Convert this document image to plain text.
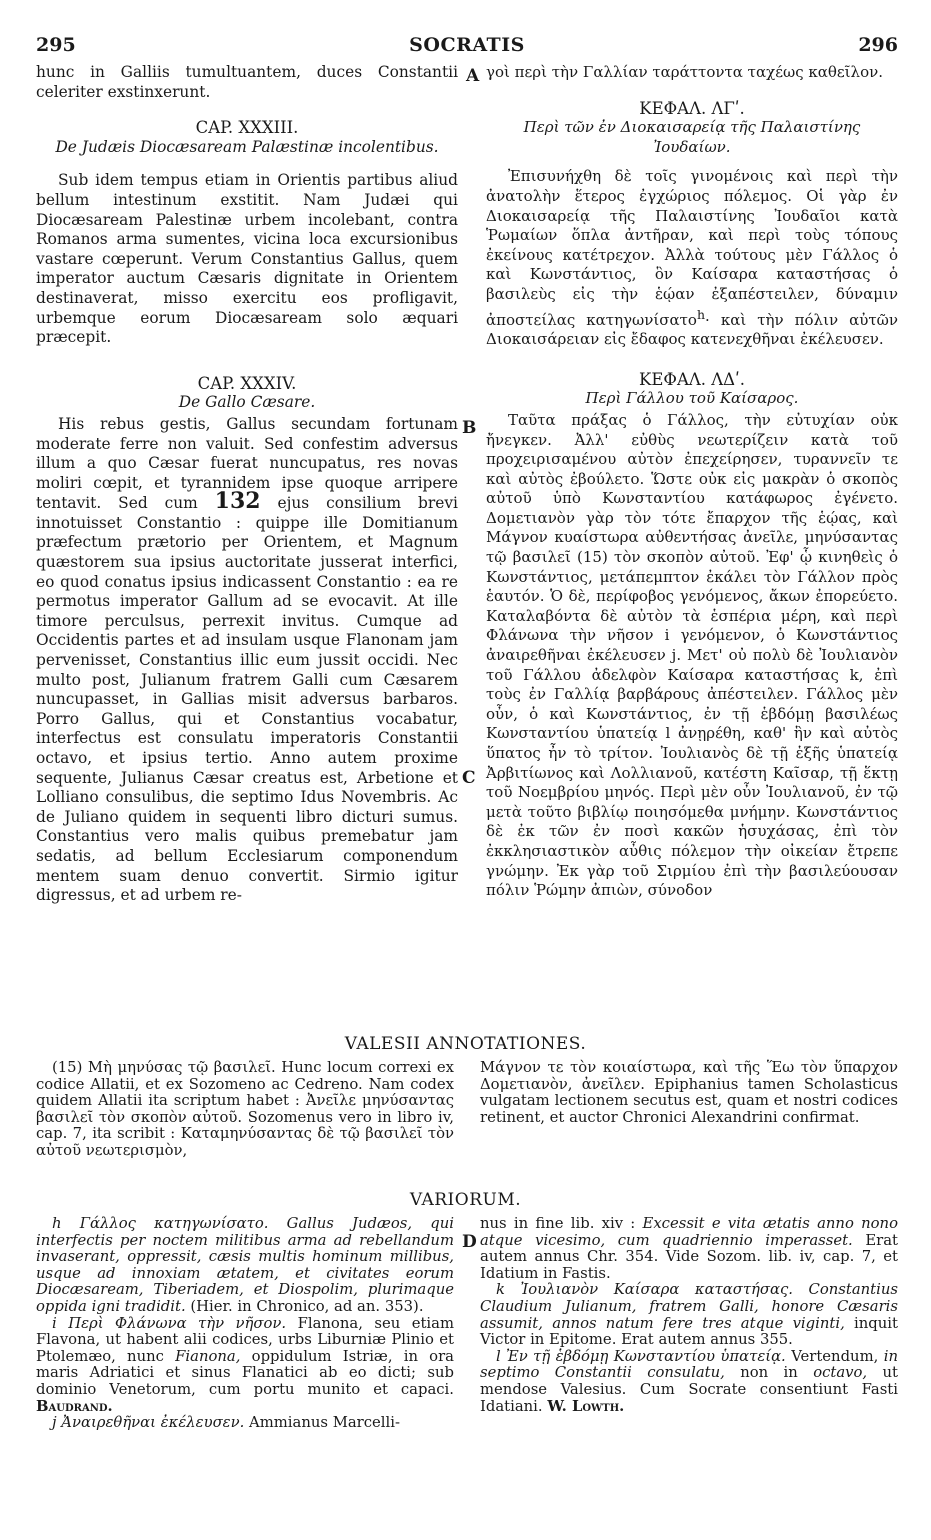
295	SOCRATIS	296
A
B
C
D

hunc in Galliis tumultuantem, duces Constantii celeriter exstinxerunt.

CAP. XXXIII.
De Judæis Diocæsaream Palæstinæ incolentibus.

Sub idem tempus etiam in Orientis partibus aliud bellum intestinum exstitit. Nam Judæi qui Diocæsaream Palestinæ urbem incolebant, contra Romanos arma sumentes, vicina loca excursionibus vastare cœperunt. Verum Constantius Gallus, quem imperator auctum Cæsaris dignitate in Orientem destinaverat, misso exercitu eos profligavit, urbemque eorum Diocæsaream solo æquari præcepit.

CAP. XXXIV.
De Gallo Cæsare.

His rebus gestis, Gallus secundam fortunam moderate ferre non valuit. Sed confestim adversus illum a quo Cæsar fuerat nuncupatus, res novas moliri cœpit, et tyrannidem ipse quoque arripere tentavit. Sed cum 132 ejus consilium brevi innotuisset Constantio : quippe ille Domitianum præfectum prætorio per Orientem, et Magnum quæstorem sua ipsius auctoritate jusserat interfici, eo quod conatus ipsius indicassent Constantio : ea re permotus imperator Gallum ad se evocavit. At ille timore perculsus, perrexit invitus. Cumque ad Occidentis partes et ad insulam usque Flanonam jam pervenisset, Constantius illic eum jussit occidi. Nec multo post, Julianum fratrem Galli cum Cæsarem nuncupasset, in Gallias misit adversus barbaros. Porro Gallus, qui et Constantius vocabatur, interfectus est consulatu imperatoris Constantii octavo, et ipsius tertio. Anno autem proxime sequente, Julianus Cæsar creatus est, Arbetione et Lolliano consulibus, die septimo Idus Novembris. Ac de Juliano quidem in sequenti libro dicturi sumus. Constantius vero malis quibus premebatur jam sedatis, ad bellum Ecclesiarum componendum mentem suam denuo convertit. Sirmio igitur digressus, et ad urbem re-

γοὶ περὶ τὴν Γαλλίαν ταράττοντα ταχέως καθεῖλον.

ΚΕΦΑΛ. ΛΓʹ.
Περὶ τῶν ἐν Διοκαισαρείᾳ τῆς Παλαιστίνης Ἰουδαίων.

Ἐπισυνήχθη δὲ τοῖς γινομένοις καὶ περὶ τὴν ἀνατολὴν ἕτερος ἐγχώριος πόλεμος. Οἱ γὰρ ἐν Διοκαισαρείᾳ τῆς Παλαιστίνης Ἰουδαῖοι κατὰ Ῥωμαίων ὅπλα ἀντῆραν, καὶ περὶ τοὺς τόπους ἐκείνους κατέτρεχον. Ἀλλὰ τούτους μὲν Γάλλος ὁ καὶ Κωνστάντιος, ὃν Καίσαρα καταστήσας ὁ βασιλεὺς εἰς τὴν ἑῴαν ἐξαπέστειλεν, δύναμιν ἀποστείλας κατηγωνίσατο$^h$· καὶ τὴν πόλιν αὐτῶν Διοκαισάρειαν εἰς ἔδαφος κατενεχθῆναι ἐκέλευσεν.

ΚΕΦΑΛ. ΛΔʹ.
Περὶ Γάλλου τοῦ Καίσαρος.

Ταῦτα πράξας ὁ Γάλλος, τὴν εὐτυχίαν οὐκ ἤνεγκεν. Ἀλλ' εὐθὺς νεωτερίζειν κατὰ τοῦ προχειρισαμένου αὐτὸν ἐπεχείρησεν, τυραννεῖν τε καὶ αὐτὸς ἐβούλετο. Ὥστε οὐκ εἰς μακρὰν ὁ σκοπὸς αὐτοῦ ὑπὸ Κωνσταντίου κατάφωρος ἐγένετο. Δομετιανὸν γὰρ τὸν τότε ἔπαρχον τῆς ἑῴας, καὶ Μάγνον κυαίστωρα αὐθεντήσας ἀνεῖλε, μηνύσαντας τῷ βασιλεῖ (15) τὸν σκοπὸν αὐτοῦ. Ἐφ' ᾧ κινηθεὶς ὁ Κωνστάντιος, μετάπεμπτον ἐκάλει τὸν Γάλλον πρὸς ἑαυτόν. Ὁ δὲ, περίφοβος γενόμενος, ἄκων ἐπορεύετο. Καταλαβόντα δὲ αὐτὸν τὰ ἑσπέρια μέρη, καὶ περὶ Φλάνωνα τὴν νῆσον i γενόμενον, ὁ Κωνστάντιος ἀναιρεθῆναι ἐκέλευσεν j. Μετ' οὐ πολὺ δὲ Ἰουλιανὸν τοῦ Γάλλου ἀδελφὸν Καίσαρα καταστήσας k, ἐπὶ τοὺς ἐν Γαλλίᾳ βαρβάρους ἀπέστειλεν. Γάλλος μὲν οὖν, ὁ καὶ Κωνστάντιος, ἐν τῇ ἑβδόμῃ βασιλέως Κωνσταντίου ὑπατείᾳ l ἀνῃρέθη, καθ' ἣν καὶ αὐτὸς ὕπατος ἦν τὸ τρίτον. Ἰουλιανὸς δὲ τῇ ἑξῆς ὑπατείᾳ Ἀρβιτίωνος καὶ Λολλιανοῦ, κατέστη Καῖσαρ, τῇ ἕκτῃ τοῦ Νοεμβρίου μηνός. Περὶ μὲν οὖν Ἰουλιανοῦ, ἐν τῷ μετὰ τοῦτο βιβλίῳ ποιησόμεθα μνήμην. Κωνστάντιος δὲ ἐκ τῶν ἐν ποσὶ κακῶν ἡσυχάσας, ἐπὶ τὸν ἐκκλησιαστικὸν αὖθις πόλεμον τὴν οἰκείαν ἔτρεπε γνώμην. Ἐκ γὰρ τοῦ Σιρμίου ἐπὶ τὴν βασιλεύουσαν πόλιν Ῥώμην ἀπιὼν, σύνοδον

VALESII ANNOTATIONES.

(15) Μὴ μηνύσας τῷ βασιλεῖ. Hunc locum correxi ex codice Allatii, et ex Sozomeno ac Cedreno. Nam codex quidem Allatii ita scriptum habet : Ἀνεῖλε μηνύσαντας βασιλεῖ τὸν σκοπὸν αὐτοῦ. Sozomenus vero in libro iv, cap. 7, ita scribit : Καταμηνύσαντας δὲ τῷ βασιλεῖ τὸν αὐτοῦ νεωτερισμὸν,

Μάγνον τε τὸν κοιαίστωρα, καὶ τῆς Ἕω τὸν ὕπαρχον Δομετιανὸν, ἀνεῖλεν. Epiphanius tamen Scholasticus vulgatam lectionem secutus est, quam et nostri codices retinent, et auctor Chronici Alexandrini confirmat.

VARIORUM.

h Γάλλος κατηγωνίσατο. Gallus Judæos, qui interfectis per noctem militibus arma ad rebellandum invaserant, oppressit, cæsis multis hominum millibus, usque ad innoxiam ætatem, et civitates eorum Diocæsaream, Tiberiadem, et Diospolim, plurimaque oppida igni tradidit. (Hier. in Chronico, ad an. 353).

i Περὶ Φλάνωνα τὴν νῆσον. Flanona, seu etiam Flavona, ut habent alii codices, urbs Liburniæ Plinio et Ptolemæo, nunc Fianona, oppidulum Istriæ, in ora maris Adriatici et sinus Flanatici ab eo dicti; sub dominio Venetorum, cum portu munito et capaci. Baudrand.

j Ἀναιρεθῆναι ἐκέλευσεν. Ammianus Marcelli-

nus in fine lib. xiv : Excessit e vita ætatis anno nono atque vicesimo, cum quadriennio imperasset. Erat autem annus Chr. 354. Vide Sozom. lib. iv, cap. 7, et Idatium in Fastis.

k Ἰουλιανὸν Καίσαρα καταστήσας. Constantius Claudium Julianum, fratrem Galli, honore Cæsaris assumit, annos natum fere tres atque viginti, inquit Victor in Epitome. Erat autem annus 355.

l Ἐν τῇ ἑβδόμῃ Κωνσταντίου ὑπατείᾳ. Vertendum, in septimo Constantii consulatu, non in octavo, ut mendose Valesius. Cum Socrate consentiunt Fasti Idatiani. W. Lowth.
